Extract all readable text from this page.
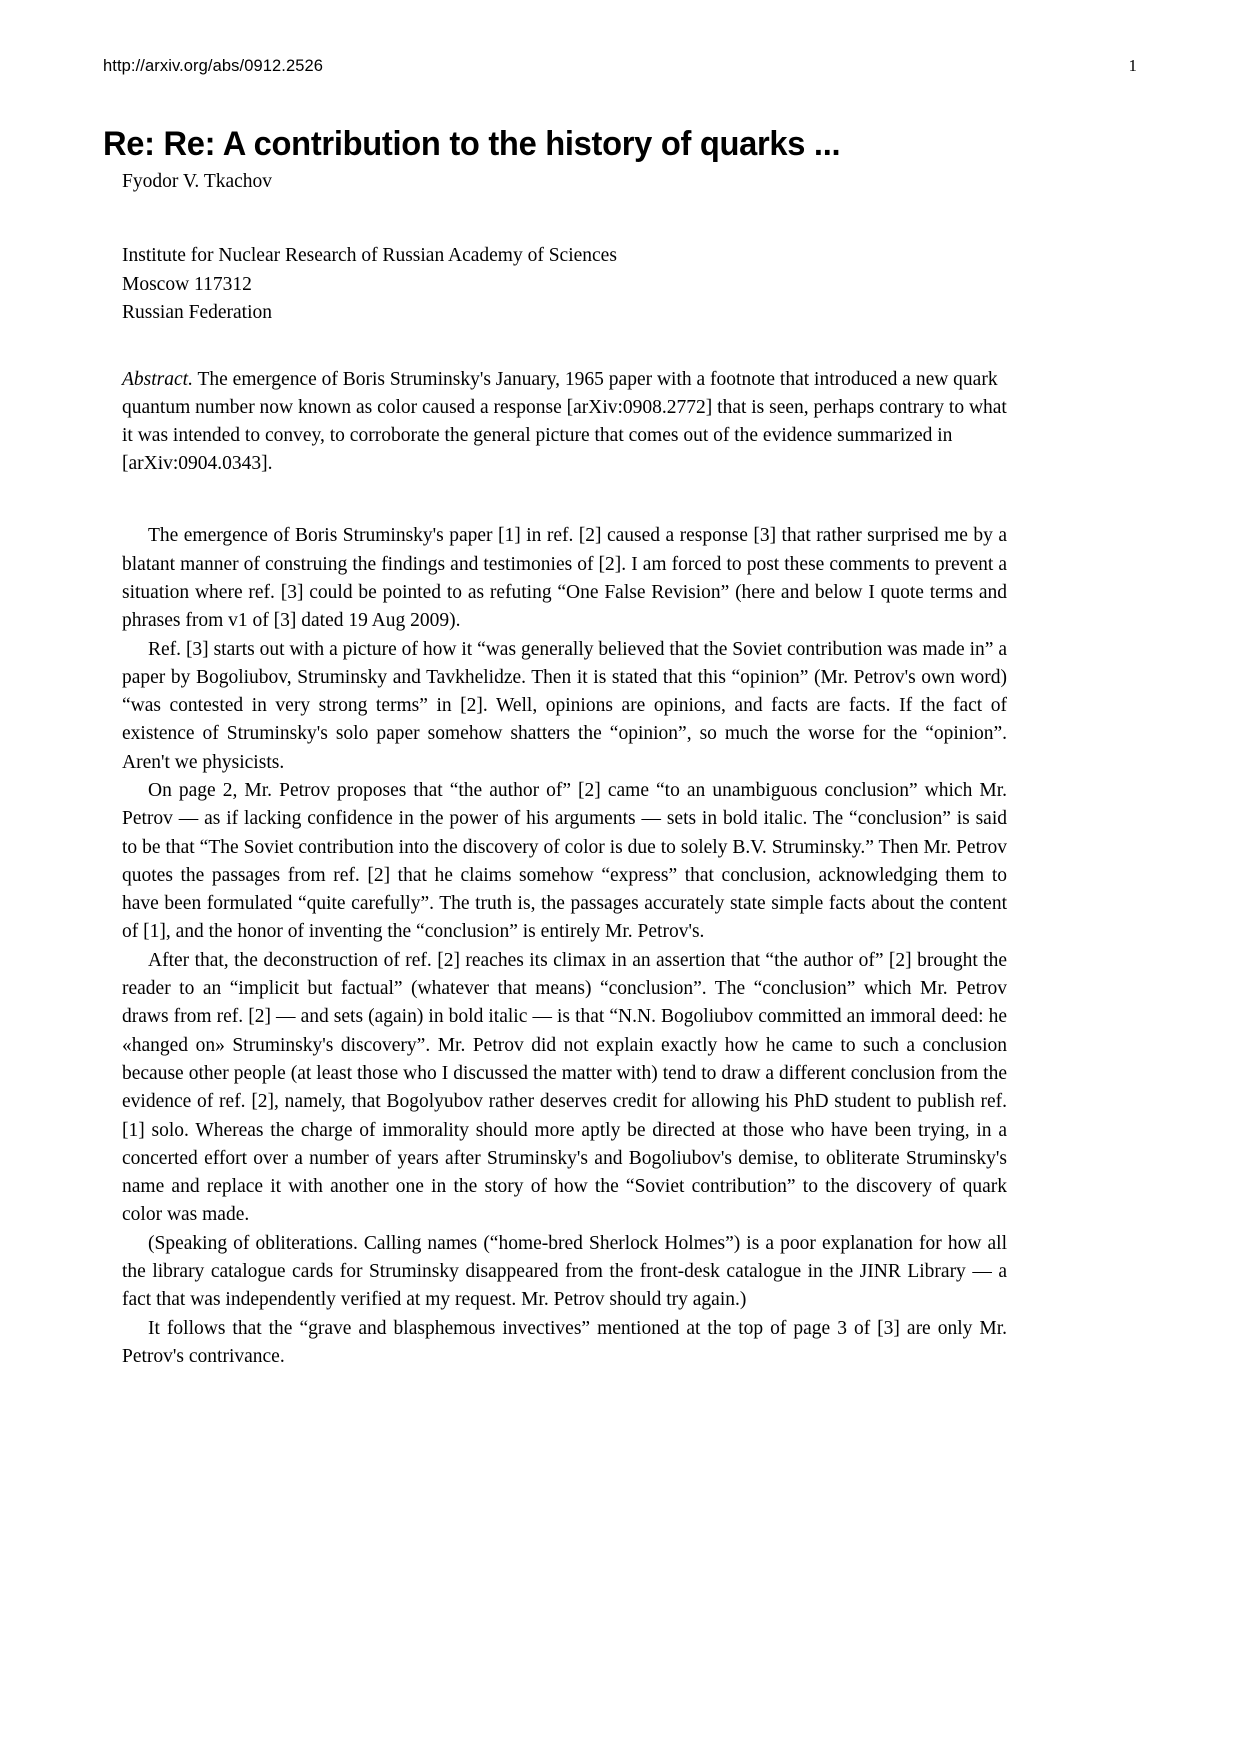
http://arxiv.org/abs/0912.2526	1
Re: Re: A contribution to the history of quarks ...

Fyodor V. Tkachov

Institute for Nuclear Research of Russian Academy of Sciences
Moscow 117312
Russian Federation

Abstract. The emergence of Boris Struminsky's January, 1965 paper with a footnote that introduced a new quark quantum number now known as color caused a response [arXiv:0908.2772] that is seen, perhaps contrary to what it was intended to convey, to corroborate the general picture that comes out of the evidence summarized in [arXiv:0904.0343].

The emergence of Boris Struminsky's paper [1] in ref. [2] caused a response [3] that rather surprised me by a blatant manner of construing the findings and testimonies of [2]. I am forced to post these comments to prevent a situation where ref. [3] could be pointed to as refuting “One False Revision” (here and below I quote terms and phrases from v1 of [3] dated 19 Aug 2009).

Ref. [3] starts out with a picture of how it “was generally believed that the Soviet contribution was made in” a paper by Bogoliubov, Struminsky and Tavkhelidze. Then it is stated that this “opinion” (Mr. Petrov's own word) “was contested in very strong terms” in [2]. Well, opinions are opinions, and facts are facts. If the fact of existence of Struminsky's solo paper somehow shatters the “opinion”, so much the worse for the “opinion”. Aren't we physicists.

On page 2, Mr. Petrov proposes that “the author of” [2] came “to an unambiguous conclusion” which Mr. Petrov — as if lacking confidence in the power of his arguments — sets in bold italic. The “conclusion” is said to be that “The Soviet contribution into the discovery of color is due to solely B.V. Struminsky.” Then Mr. Petrov quotes the passages from ref. [2] that he claims somehow “express” that conclusion, acknowledging them to have been formulated “quite carefully”. The truth is, the passages accurately state simple facts about the content of [1], and the honor of inventing the “conclusion” is entirely Mr. Petrov's.

After that, the deconstruction of ref. [2] reaches its climax in an assertion that “the author of” [2] brought the reader to an “implicit but factual” (whatever that means) “conclusion”. The “conclusion” which Mr. Petrov draws from ref. [2] — and sets (again) in bold italic — is that “N.N. Bogoliubov committed an immoral deed: he «hanged on» Struminsky's discovery”. Mr. Petrov did not explain exactly how he came to such a conclusion because other people (at least those who I discussed the matter with) tend to draw a different conclusion from the evidence of ref. [2], namely, that Bogolyubov rather deserves credit for allowing his PhD student to publish ref. [1] solo. Whereas the charge of immorality should more aptly be directed at those who have been trying, in a concerted effort over a number of years after Struminsky's and Bogoliubov's demise, to obliterate Struminsky's name and replace it with another one in the story of how the “Soviet contribution” to the discovery of quark color was made.

(Speaking of obliterations. Calling names (“home-bred Sherlock Holmes”) is a poor explanation for how all the library catalogue cards for Struminsky disappeared from the front-desk catalogue in the JINR Library — a fact that was independently verified at my request. Mr. Petrov should try again.)

It follows that the “grave and blasphemous invectives” mentioned at the top of page 3 of [3] are only Mr. Petrov's contrivance.
